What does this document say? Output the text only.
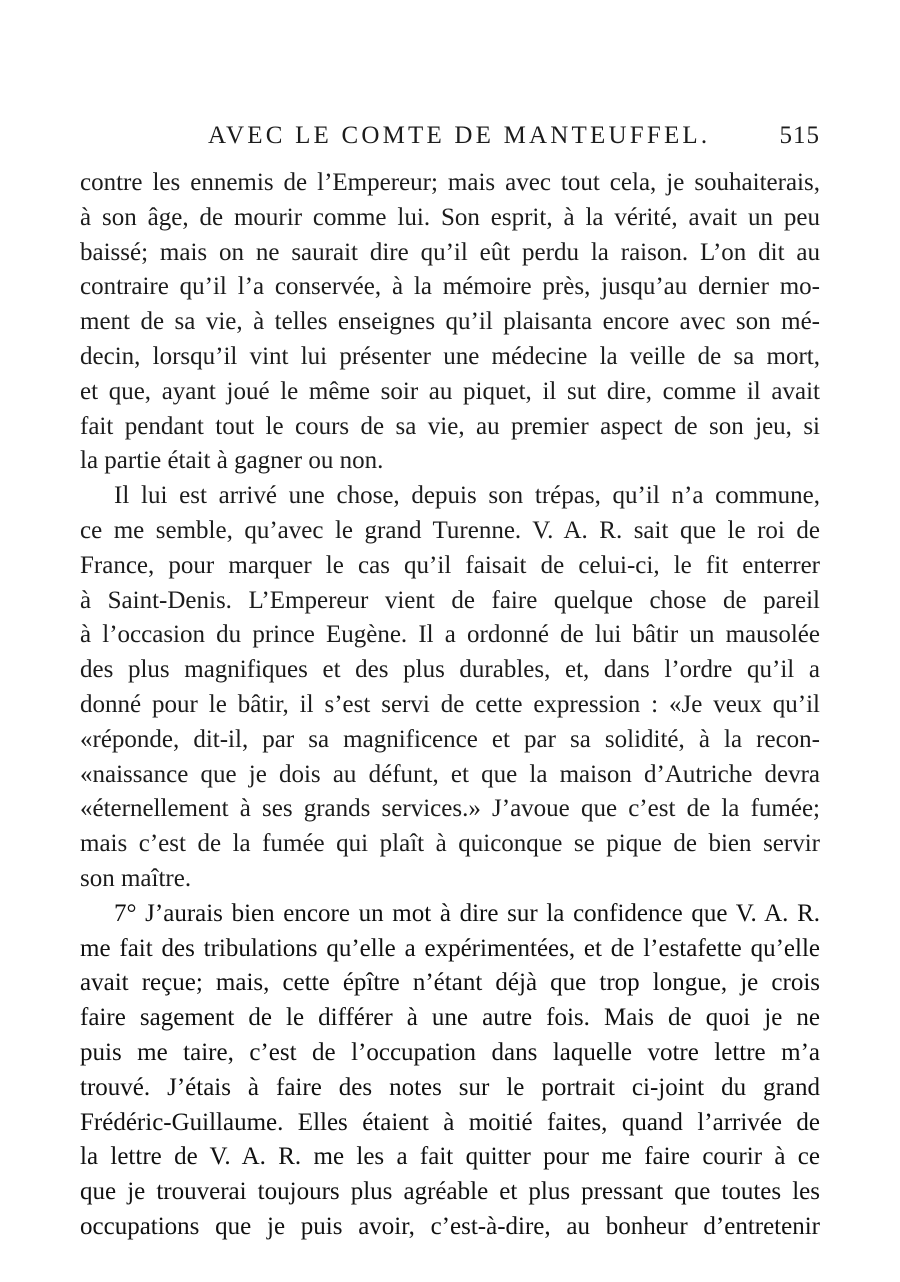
AVEC LE COMTE DE MANTEUFFEL.	515
contre les ennemis de l’Empereur; mais avec tout cela, je souhaiterais,
à son âge, de mourir comme lui. Son esprit, à la vérité, avait un peu
baissé; mais on ne saurait dire qu’il eût perdu la raison. L’on dit au
contraire qu’il l’a conservée, à la mémoire près, jusqu’au dernier mo-
ment de sa vie, à telles enseignes qu’il plaisanta encore avec son mé-
decin, lorsqu’il vint lui présenter une médecine la veille de sa mort,
et que, ayant joué le même soir au piquet, il sut dire, comme il avait
fait pendant tout le cours de sa vie, au premier aspect de son jeu, si
la partie était à gagner ou non.
Il lui est arrivé une chose, depuis son trépas, qu’il n’a commune,
ce me semble, qu’avec le grand Turenne. V. A. R. sait que le roi de
France, pour marquer le cas qu’il faisait de celui-ci, le fit enterrer
à Saint-Denis. L’Empereur vient de faire quelque chose de pareil
à l’occasion du prince Eugène. Il a ordonné de lui bâtir un mausolée
des plus magnifiques et des plus durables, et, dans l’ordre qu’il a
donné pour le bâtir, il s’est servi de cette expression : «Je veux qu’il
«réponde, dit-il, par sa magnificence et par sa solidité, à la recon-
«naissance que je dois au défunt, et que la maison d’Autriche devra
«éternellement à ses grands services.» J’avoue que c’est de la fumée;
mais c’est de la fumée qui plaît à quiconque se pique de bien servir
son maître.
7° J’aurais bien encore un mot à dire sur la confidence que V. A. R.
me fait des tribulations qu’elle a expérimentées, et de l’estafette qu’elle
avait reçue; mais, cette épître n’étant déjà que trop longue, je crois
faire sagement de le différer à une autre fois. Mais de quoi je ne
puis me taire, c’est de l’occupation dans laquelle votre lettre m’a
trouvé. J’étais à faire des notes sur le portrait ci-joint du grand
Frédéric-Guillaume. Elles étaient à moitié faites, quand l’arrivée de
la lettre de V. A. R. me les a fait quitter pour me faire courir à ce
que je trouverai toujours plus agréable et plus pressant que toutes les
occupations que je puis avoir, c’est-à-dire, au bonheur d’entretenir
